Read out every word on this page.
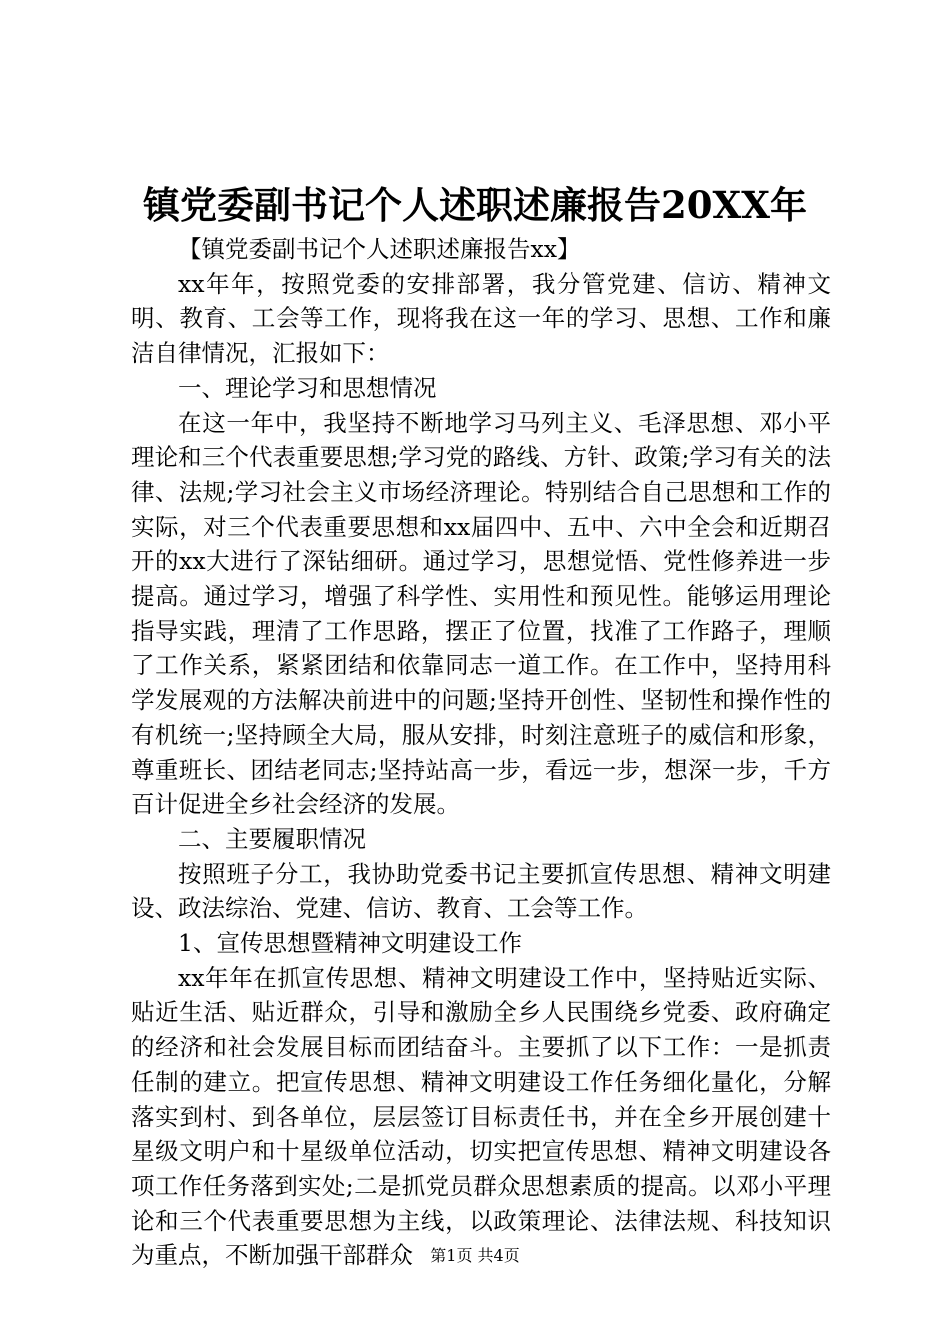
镇党委副书记个人述职述廉报告20XX年

【镇党委副书记个人述职述廉报告xx】

xx年年，按照党委的安排部署，我分管党建、信访、精神文明、教育、工会等工作，现将我在这一年的学习、思想、工作和廉洁自律情况，汇报如下：

一、理论学习和思想情况

在这一年中，我坚持不断地学习马列主义、毛泽思想、邓小平理论和三个代表重要思想;学习党的路线、方针、政策;学习有关的法律、法规;学习社会主义市场经济理论。特别结合自己思想和工作的实际，对三个代表重要思想和xx届四中、五中、六中全会和近期召开的xx大进行了深钻细研。通过学习，思想觉悟、党性修养进一步提高。通过学习，增强了科学性、实用性和预见性。能够运用理论指导实践，理清了工作思路，摆正了位置，找准了工作路子，理顺了工作关系，紧紧团结和依靠同志一道工作。在工作中，坚持用科学发展观的方法解决前进中的问题;坚持开创性、坚韧性和操作性的有机统一;坚持顾全大局，服从安排，时刻注意班子的威信和形象，尊重班长、团结老同志;坚持站高一步，看远一步，想深一步，千方百计促进全乡社会经济的发展。

二、主要履职情况

按照班子分工，我协助党委书记主要抓宣传思想、精神文明建设、政法综治、党建、信访、教育、工会等工作。

1、宣传思想暨精神文明建设工作

xx年年在抓宣传思想、精神文明建设工作中，坚持贴近实际、贴近生活、贴近群众，引导和激励全乡人民围绕乡党委、政府确定的经济和社会发展目标而团结奋斗。主要抓了以下工作：一是抓责任制的建立。把宣传思想、精神文明建设工作任务细化量化，分解落实到村、到各单位，层层签订目标责任书，并在全乡开展创建十星级文明户和十星级单位活动，切实把宣传思想、精神文明建设各项工作任务落到实处;二是抓党员群众思想素质的提高。以邓小平理论和三个代表重要思想为主线，以政策理论、法律法规、科技知识为重点，不断加强干部群众	第1页 共4页
